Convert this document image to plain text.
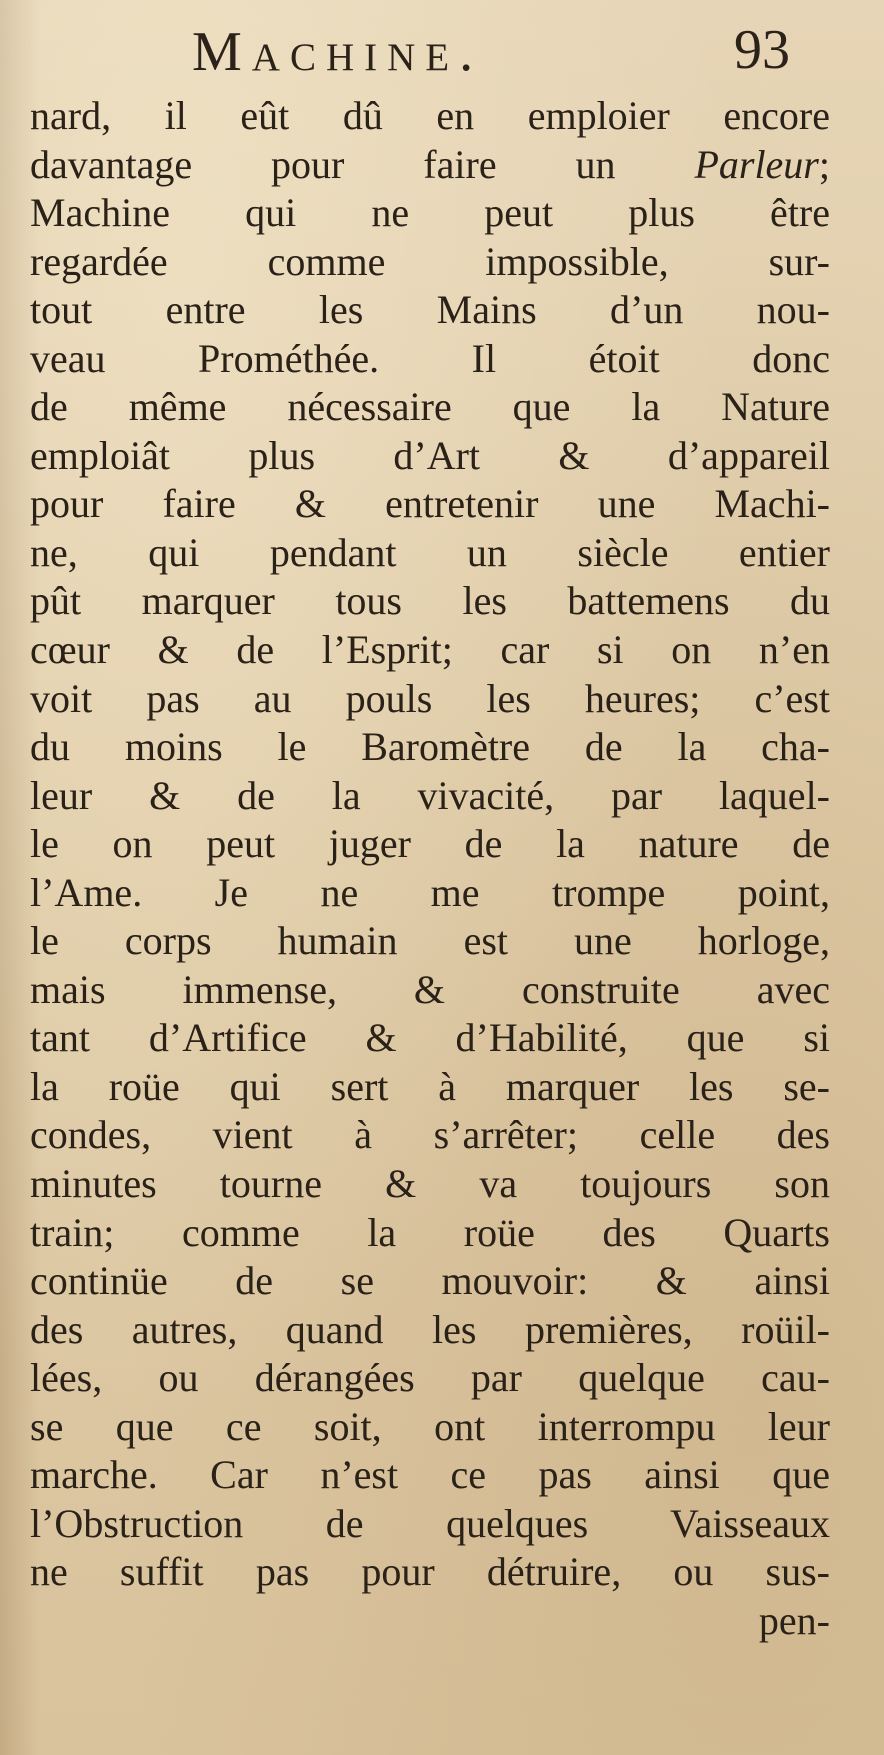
Machine.	93
nard, il eût dû en emploier encore
davantage pour faire un Parleur;
Machine qui ne peut plus être
regardée comme impossible, sur-
tout entre les Mains d’un nou-
veau Prométhée. Il étoit donc
de même nécessaire que la Nature
emploiât plus d’Art & d’appareil
pour faire & entretenir une Machi-
ne, qui pendant un siècle entier
pût marquer tous les battemens du
cœur & de l’Esprit; car si on n’en
voit pas au pouls les heures; c’est
du moins le Baromètre de la cha-
leur & de la vivacité, par laquel-
le on peut juger de la nature de
l’Ame. Je ne me trompe point,
le corps humain est une horloge,
mais immense, & construite avec
tant d’Artifice & d’Habilité, que si
la roüe qui sert à marquer les se-
condes, vient à s’arrêter; celle des
minutes tourne & va toujours son
train; comme la roüe des Quarts
continüe de se mouvoir: & ainsi
des autres, quand les premières, roüil-
lées, ou dérangées par quelque cau-
se que ce soit, ont interrompu leur
marche. Car n’est ce pas ainsi que
l’Obstruction de quelques Vaisseaux
ne suffit pas pour détruire, ou sus-
pen-
